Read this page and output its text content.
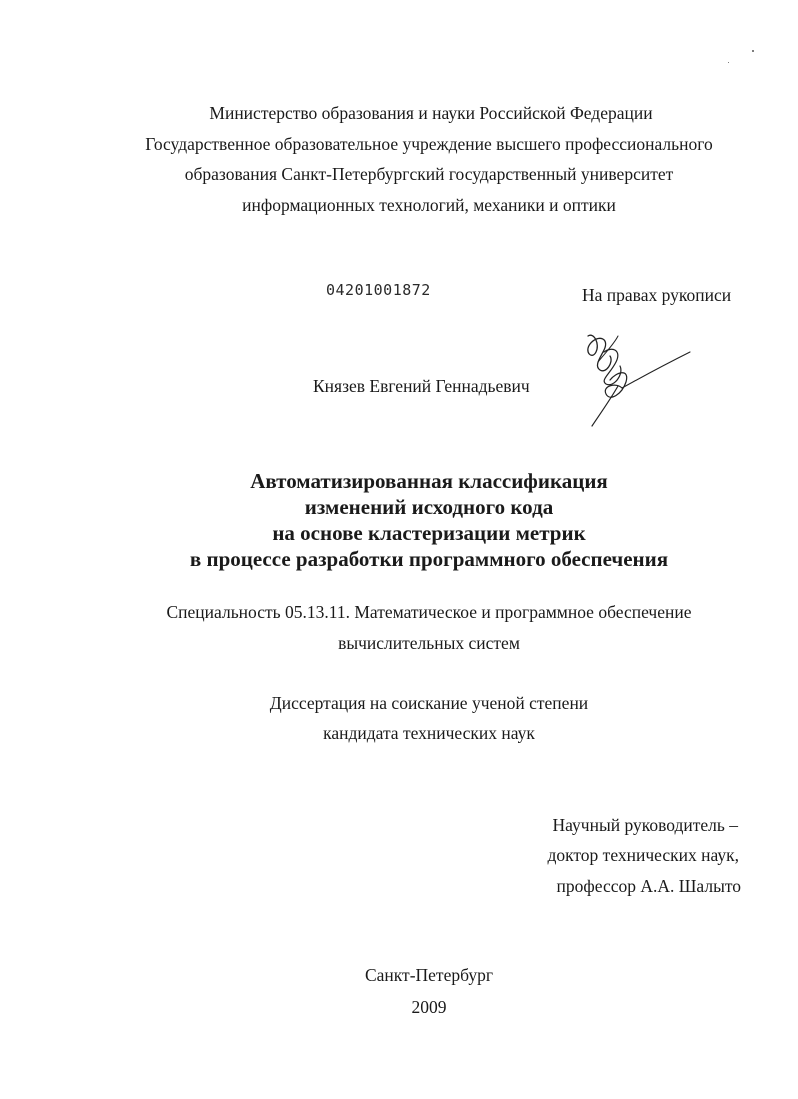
Министерство образования и науки Российской Федерации
Государственное образовательное учреждение высшего профессионального
образования Санкт-Петербургский государственный университет
информационных технологий, механики и оптики
04201001872	На правах рукописи
Князев Евгений Геннадьевич
Автоматизированная классификация
изменений исходного кода
на основе кластеризации метрик
в процессе разработки программного обеспечения
Специальность 05.13.11. Математическое и программное обеспечение
вычислительных систем
Диссертация на соискание ученой степени
кандидата технических наук
Научный руководитель –
доктор технических наук,
профессор А.А. Шалыто
Санкт-Петербург
2009
